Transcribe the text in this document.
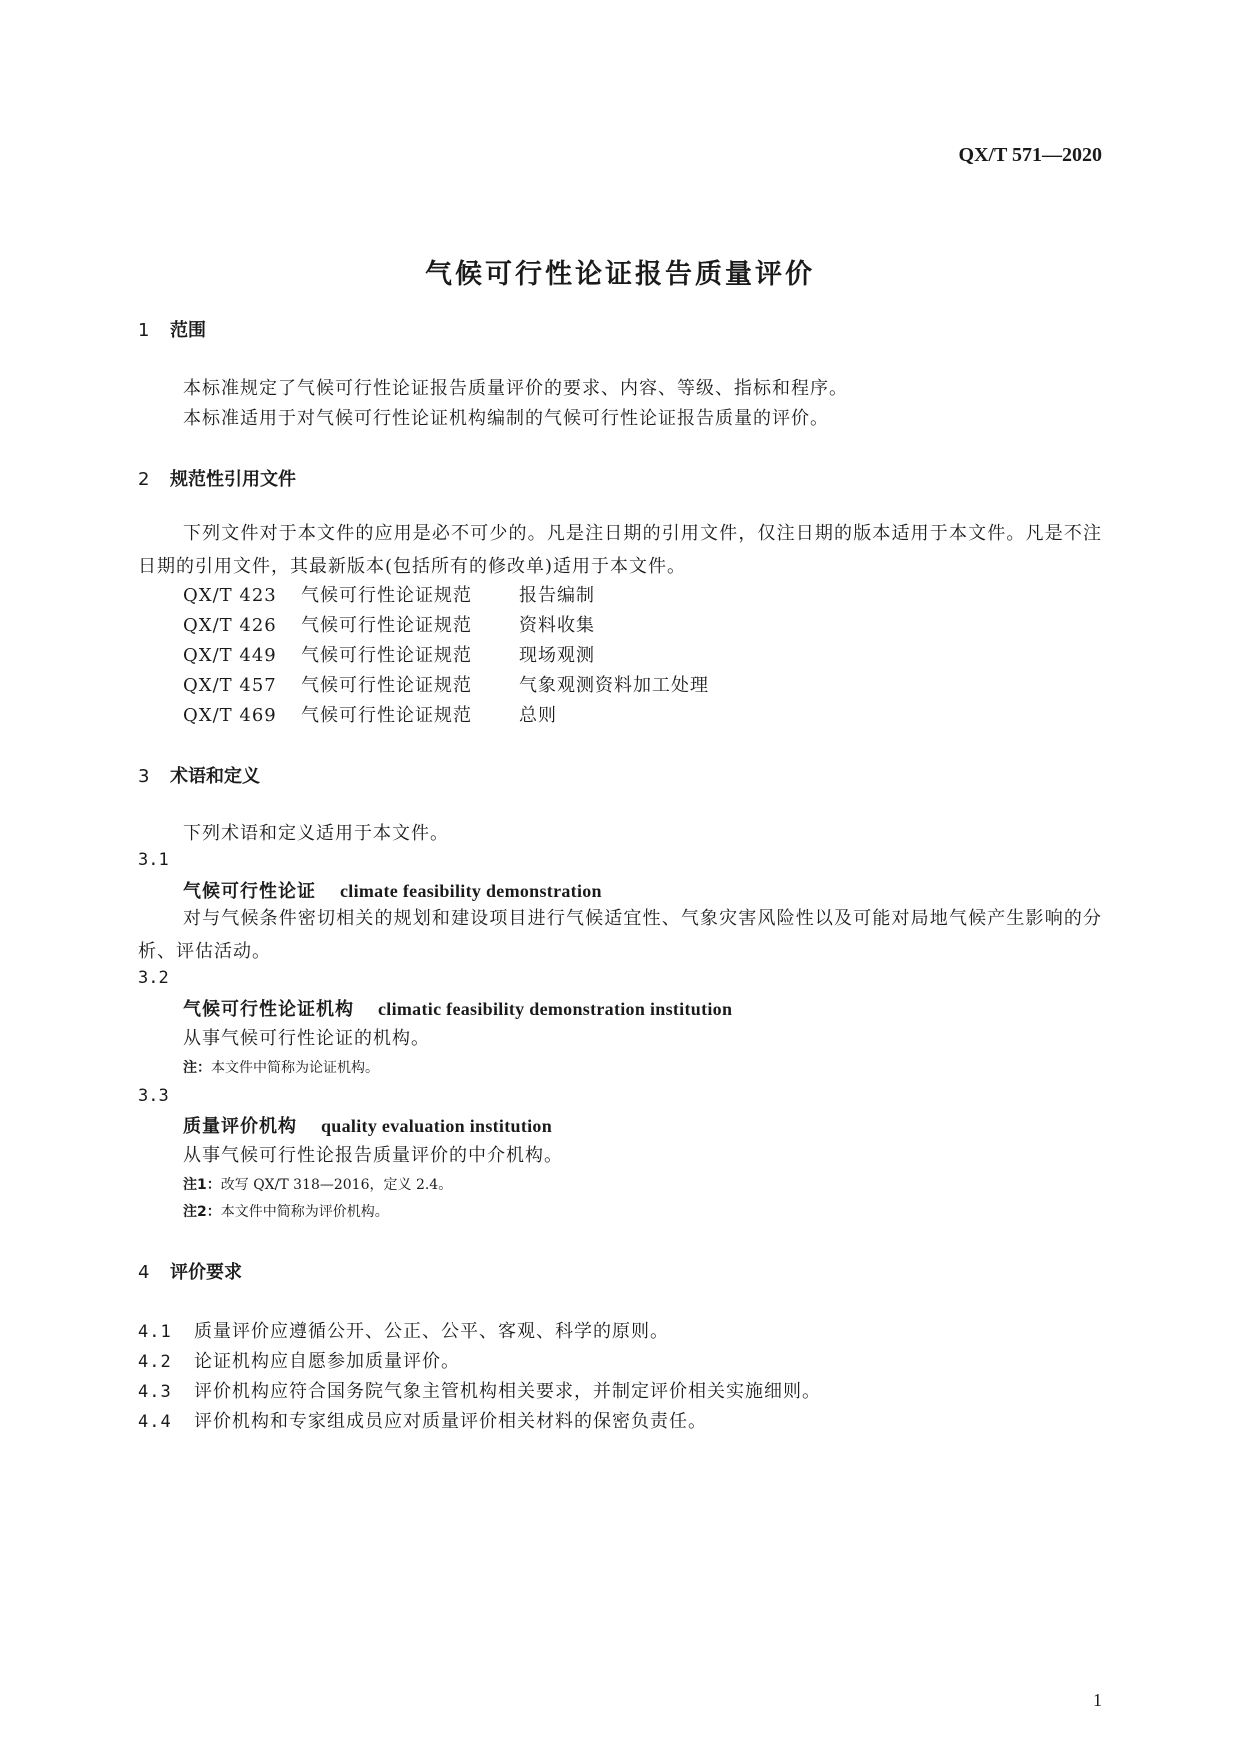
QX/T 571—2020
气候可行性论证报告质量评价
1 范围
本标准规定了气候可行性论证报告质量评价的要求、内容、等级、指标和程序。
本标准适用于对气候可行性论证机构编制的气候可行性论证报告质量的评价。
2 规范性引用文件
下列文件对于本文件的应用是必不可少的。凡是注日期的引用文件，仅注日期的版本适用于本文件。凡是不注日期的引用文件，其最新版本(包括所有的修改单)适用于本文件。
QX/T 423 气候可行性论证规范	报告编制
QX/T 426 气候可行性论证规范	资料收集
QX/T 449 气候可行性论证规范	现场观测
QX/T 457 气候可行性论证规范	气象观测资料加工处理
QX/T 469 气候可行性论证规范	总则
3 术语和定义
下列术语和定义适用于本文件。
3.1
气候可行性论证 climate feasibility demonstration
对与气候条件密切相关的规划和建设项目进行气候适宜性、气象灾害风险性以及可能对局地气候产生影响的分析、评估活动。
3.2
气候可行性论证机构 climatic feasibility demonstration institution
从事气候可行性论证的机构。
注：本文件中简称为论证机构。
3.3
质量评价机构 quality evaluation institution
从事气候可行性论报告质量评价的中介机构。
注1：改写 QX/T 318—2016，定义 2.4。
注2：本文件中简称为评价机构。
4 评价要求
4.1 质量评价应遵循公开、公正、公平、客观、科学的原则。
4.2 论证机构应自愿参加质量评价。
4.3 评价机构应符合国务院气象主管机构相关要求，并制定评价相关实施细则。
4.4 评价机构和专家组成员应对质量评价相关材料的保密负责任。
1
